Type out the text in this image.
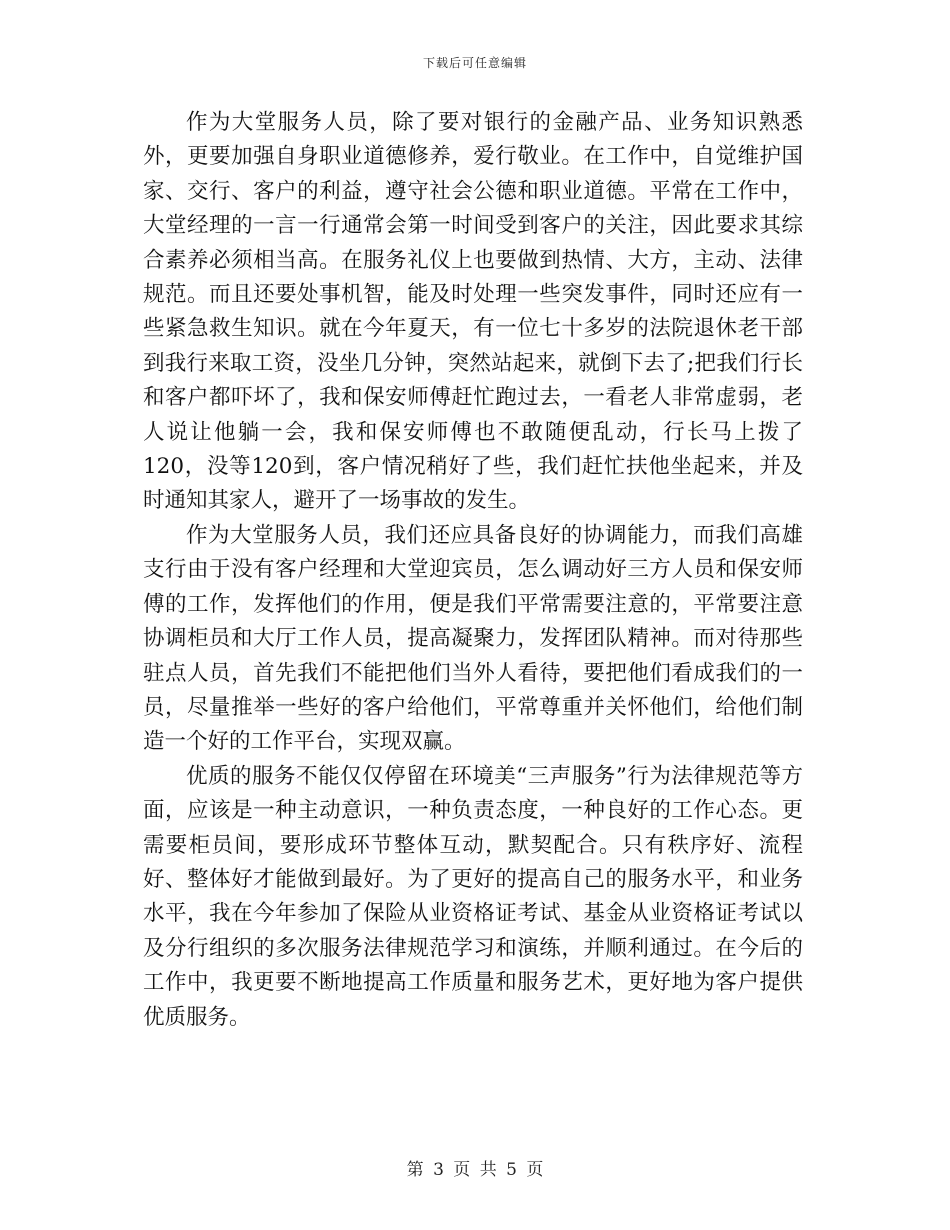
下载后可任意编辑

作为大堂服务人员，除了要对银行的金融产品、业务知识熟悉外，更要加强自身职业道德修养，爱行敬业。在工作中，自觉维护国家、交行、客户的利益，遵守社会公德和职业道德。平常在工作中，大堂经理的一言一行通常会第一时间受到客户的关注，因此要求其综合素养必须相当高。在服务礼仪上也要做到热情、大方，主动、法律规范。而且还要处事机智，能及时处理一些突发事件，同时还应有一些紧急救生知识。就在今年夏天，有一位七十多岁的法院退休老干部到我行来取工资，没坐几分钟，突然站起来，就倒下去了;把我们行长和客户都吓坏了，我和保安师傅赶忙跑过去，一看老人非常虚弱，老人说让他躺一会，我和保安师傅也不敢随便乱动，行长马上拨了120，没等120到，客户情况稍好了些，我们赶忙扶他坐起来，并及时通知其家人，避开了一场事故的发生。

作为大堂服务人员，我们还应具备良好的协调能力，而我们高雄支行由于没有客户经理和大堂迎宾员，怎么调动好三方人员和保安师傅的工作，发挥他们的作用，便是我们平常需要注意的，平常要注意协调柜员和大厅工作人员，提高凝聚力，发挥团队精神。而对待那些驻点人员，首先我们不能把他们当外人看待，要把他们看成我们的一员，尽量推举一些好的客户给他们，平常尊重并关怀他们，给他们制造一个好的工作平台，实现双赢。

优质的服务不能仅仅停留在环境美“三声服务”行为法律规范等方面，应该是一种主动意识，一种负责态度，一种良好的工作心态。更需要柜员间，要形成环节整体互动，默契配合。只有秩序好、流程好、整体好才能做到最好。为了更好的提高自己的服务水平，和业务水平，我在今年参加了保险从业资格证考试、基金从业资格证考试以及分行组织的多次服务法律规范学习和演练，并顺利通过。在今后的工作中，我更要不断地提高工作质量和服务艺术，更好地为客户提供优质服务。

第 3 页 共 5 页
